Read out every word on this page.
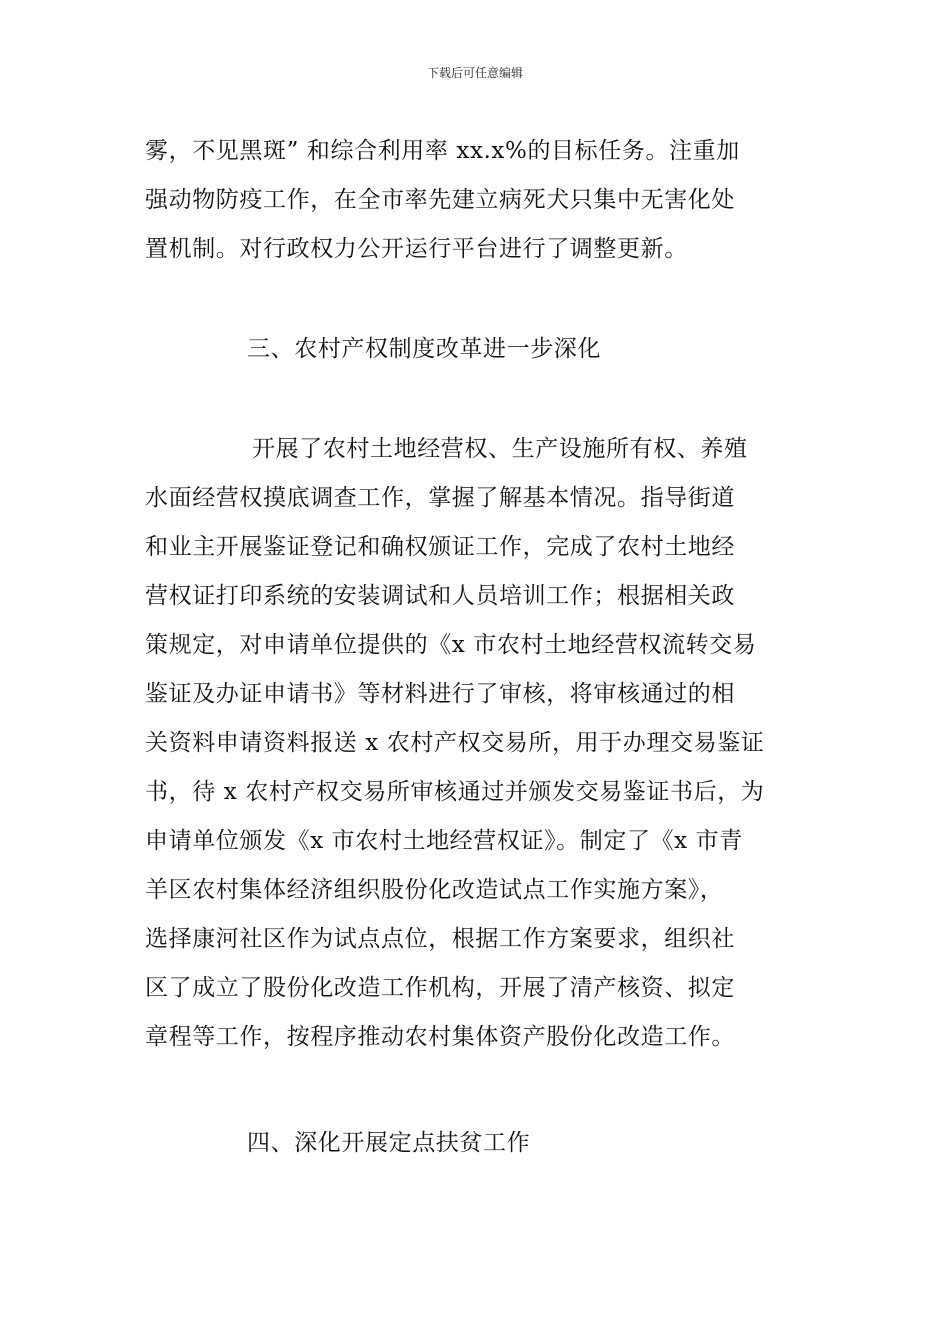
下载后可任意编辑
雾，不见黑斑” 和综合利用率 xx.x%的目标任务。注重加
强动物防疫工作，在全市率先建立病死犬只集中无害化处
置机制。对行政权力公开运行平台进行了调整更新。
三、农村产权制度改革进一步深化
开展了农村土地经营权、生产设施所有权、养殖
水面经营权摸底调查工作，掌握了解基本情况。指导街道
和业主开展鉴证登记和确权颁证工作，完成了农村土地经
营权证打印系统的安装调试和人员培训工作；根据相关政
策规定，对申请单位提供的《x 市农村土地经营权流转交易
鉴证及办证申请书》等材料进行了审核，将审核通过的相
关资料申请资料报送 x 农村产权交易所，用于办理交易鉴证
书，待 x 农村产权交易所审核通过并颁发交易鉴证书后，为
申请单位颁发《x 市农村土地经营权证》。制定了《x 市青
羊区农村集体经济组织股份化改造试点工作实施方案》，
选择康河社区作为试点点位，根据工作方案要求，组织社
区了成立了股份化改造工作机构，开展了清产核资、拟定
章程等工作，按程序推动农村集体资产股份化改造工作。
四、深化开展定点扶贫工作
